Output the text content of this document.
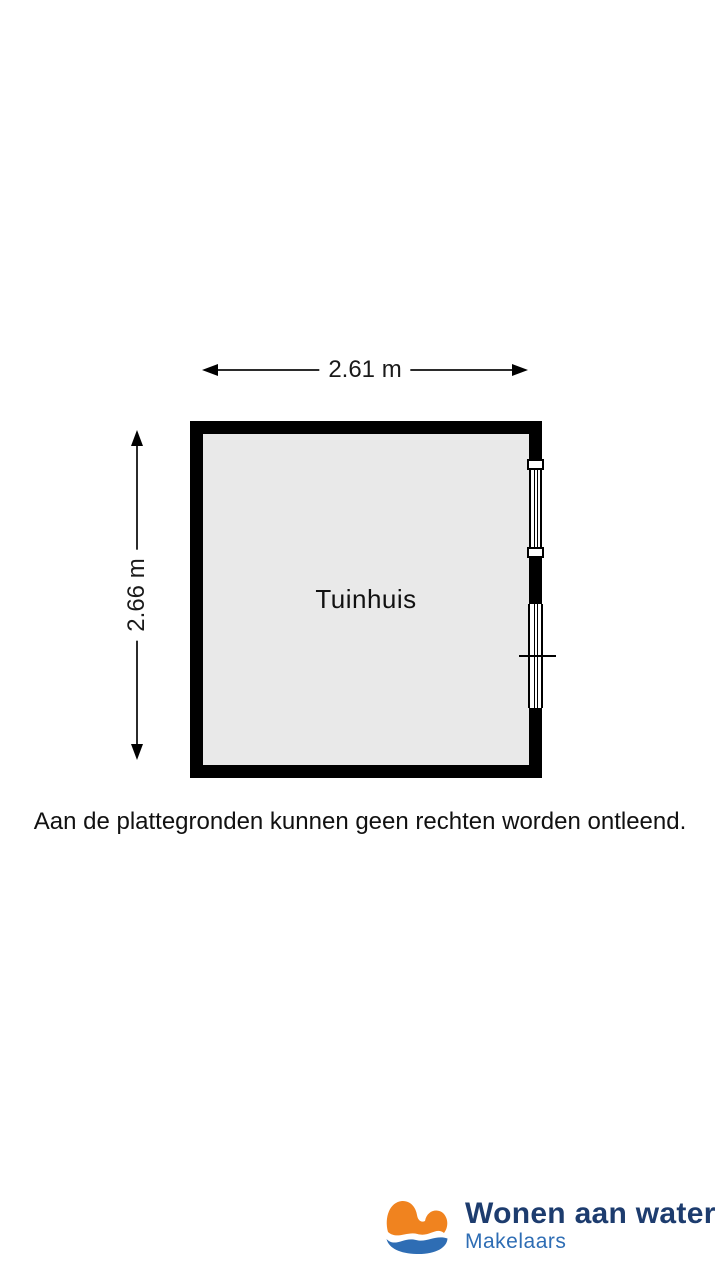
2.61 m
2.66 m	Tuinhuis
Aan de plattegronden kunnen geen rechten worden ontleend.
Wonen aan water
Makelaars
